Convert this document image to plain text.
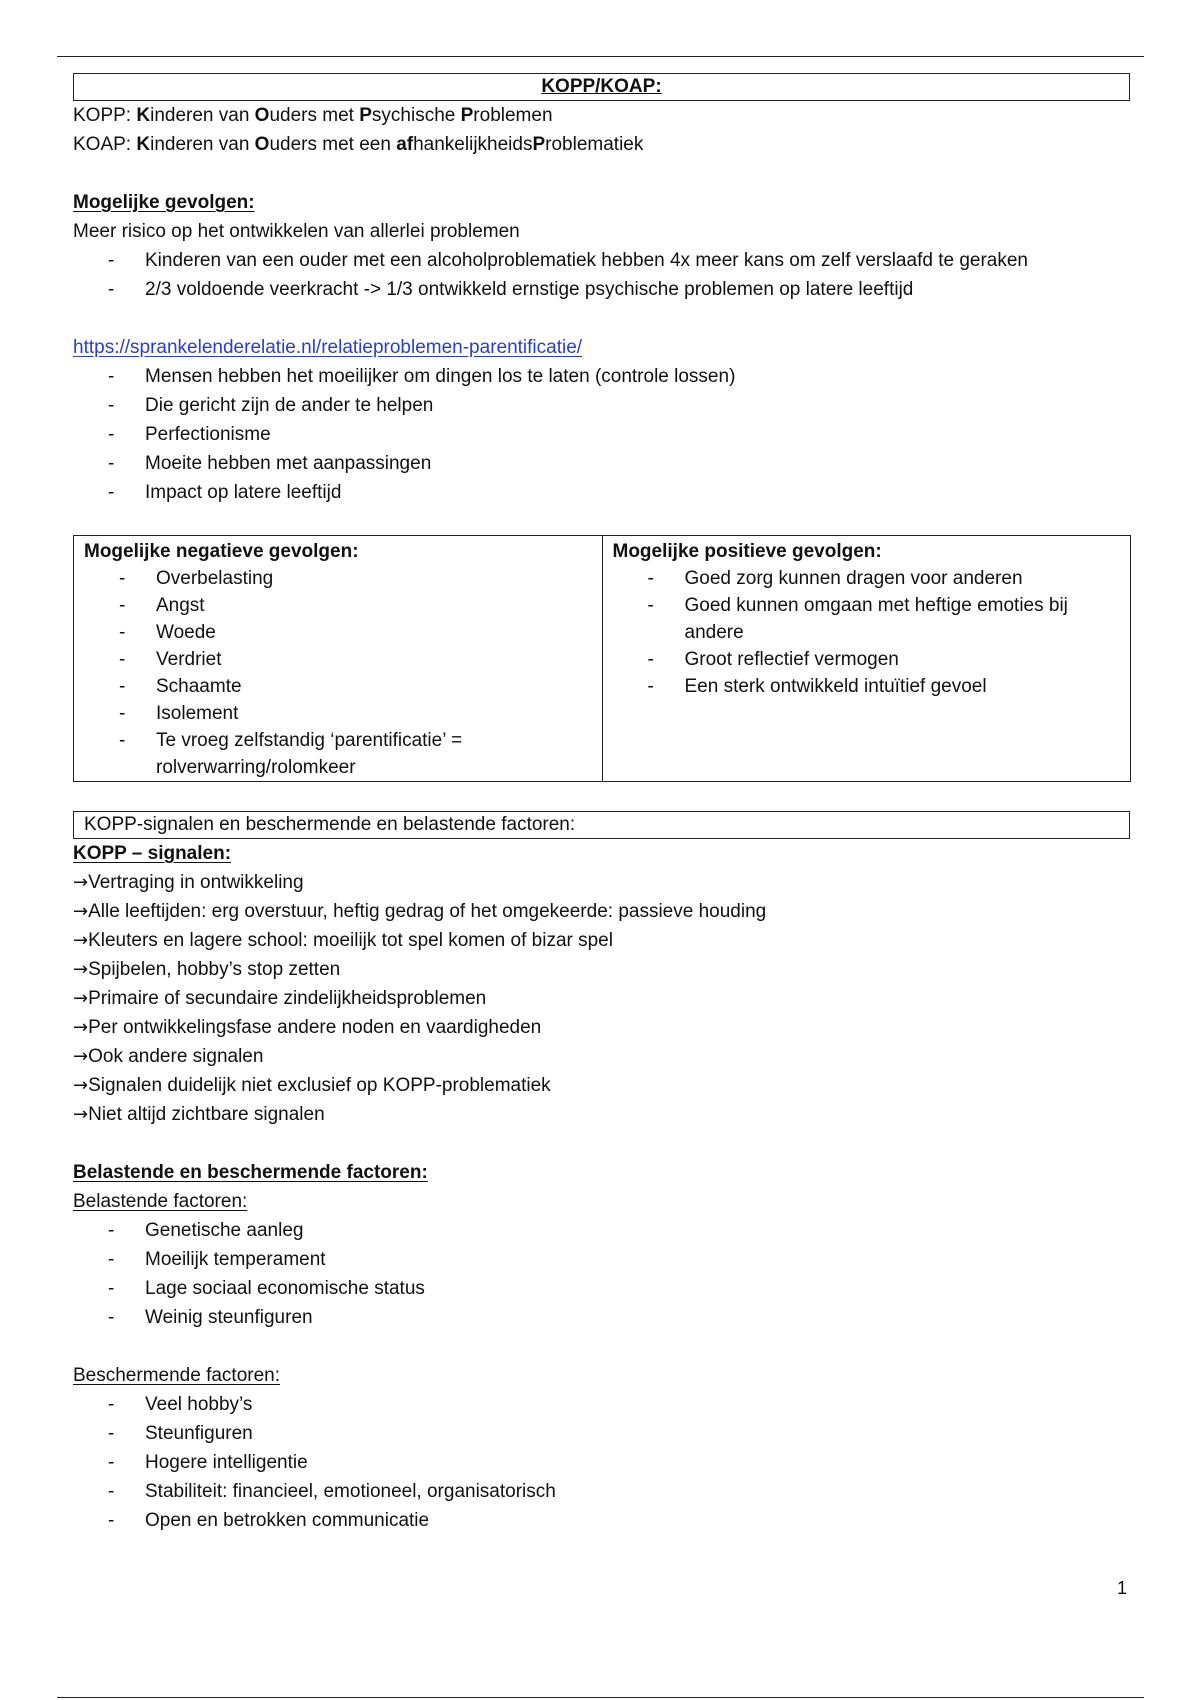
KOPP/KOAP:
KOPP: Kinderen van Ouders met Psychische Problemen
KOAP: Kinderen van Ouders met een afhankelijkheidsProblematiek
Mogelijke gevolgen:
Meer risico op het ontwikkelen van allerlei problemen
- Kinderen van een ouder met een alcoholproblematiek hebben 4x meer kans om zelf verslaafd te geraken
- 2/3 voldoende veerkracht -> 1/3 ontwikkeld ernstige psychische problemen op latere leeftijd
https://sprankelenderelatie.nl/relatieproblemen-parentificatie/
- Mensen hebben het moeilijker om dingen los te laten (controle lossen)
- Die gericht zijn de ander te helpen
- Perfectionisme
- Moeite hebben met aanpassingen
- Impact op latere leeftijd
Mogelijke negatieve gevolgen:
- Overbelasting
- Angst
- Woede
- Verdriet
- Schaamte
- Isolement
- Te vroeg zelfstandig ‘parentificatie’ = rolverwarring/rolomkeer

Mogelijke positieve gevolgen:
- Goed zorg kunnen dragen voor anderen
- Goed kunnen omgaan met heftige emoties bij andere
- Groot reflectief vermogen
- Een sterk ontwikkeld intuïtief gevoel
KOPP-signalen en beschermende en belastende factoren:
KOPP – signalen:
→Vertraging in ontwikkeling
→Alle leeftijden: erg overstuur, heftig gedrag of het omgekeerde: passieve houding
→Kleuters en lagere school: moeilijk tot spel komen of bizar spel
→Spijbelen, hobby’s stop zetten
→Primaire of secundaire zindelijkheidsproblemen
→Per ontwikkelingsfase andere noden en vaardigheden
→Ook andere signalen
→Signalen duidelijk niet exclusief op KOPP-problematiek
→Niet altijd zichtbare signalen
Belastende en beschermende factoren:
Belastende factoren:
- Genetische aanleg
- Moeilijk temperament
- Lage sociaal economische status
- Weinig steunfiguren
Beschermende factoren:
- Veel hobby’s
- Steunfiguren
- Hogere intelligentie
- Stabiliteit: financieel, emotioneel, organisatorisch
- Open en betrokken communicatie
1
